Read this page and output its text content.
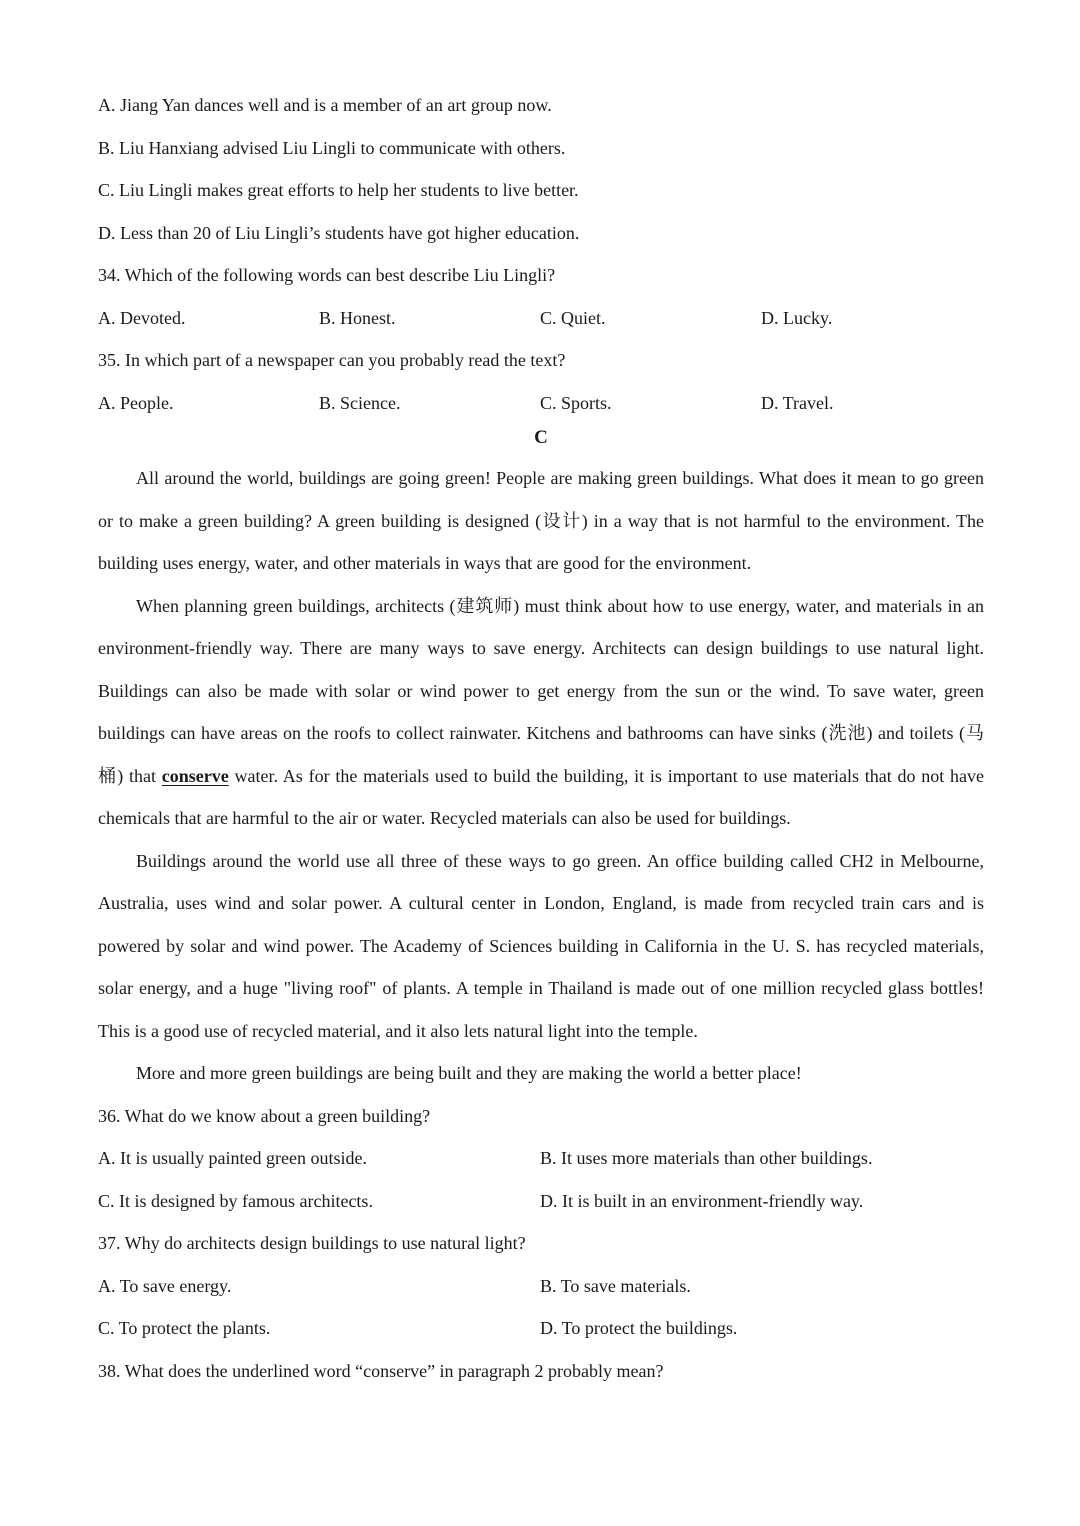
A. Jiang Yan dances well and is a member of an art group now.
B. Liu Hanxiang advised Liu Lingli to communicate with others.
C. Liu Lingli makes great efforts to help her students to live better.
D. Less than 20 of Liu Lingli’s students have got higher education.
34. Which of the following words can best describe Liu Lingli?
A. Devoted.	B. Honest.	C. Quiet.	D. Lucky.
35. In which part of a newspaper can you probably read the text?
A. People.	B. Science.	C. Sports.	D. Travel.
C

All around the world, buildings are going green! People are making green buildings. What does it mean to go green or to make a green building? A green building is designed (设计) in a way that is not harmful to the environment. The building uses energy, water, and other materials in ways that are good for the environment.

When planning green buildings, architects (建筑师) must think about how to use energy, water, and materials in an environment-friendly way. There are many ways to save energy. Architects can design buildings to use natural light. Buildings can also be made with solar or wind power to get energy from the sun or the wind. To save water, green buildings can have areas on the roofs to collect rainwater. Kitchens and bathrooms can have sinks (洗池) and toilets (马桶) that conserve water. As for the materials used to build the building, it is important to use materials that do not have chemicals that are harmful to the air or water. Recycled materials can also be used for buildings.

Buildings around the world use all three of these ways to go green. An office building called CH2 in Melbourne, Australia, uses wind and solar power. A cultural center in London, England, is made from recycled train cars and is powered by solar and wind power. The Academy of Sciences building in California in the U. S. has recycled materials, solar energy, and a huge "living roof" of plants. A temple in Thailand is made out of one million recycled glass bottles! This is a good use of recycled material, and it also lets natural light into the temple.

More and more green buildings are being built and they are making the world a better place!

36. What do we know about a green building?
A. It is usually painted green outside.	B. It uses more materials than other buildings.
C. It is designed by famous architects.	D. It is built in an environment-friendly way.
37. Why do architects design buildings to use natural light?
A. To save energy.	B. To save materials.
C. To protect the plants.	D. To protect the buildings.
38. What does the underlined word “conserve” in paragraph 2 probably mean?
